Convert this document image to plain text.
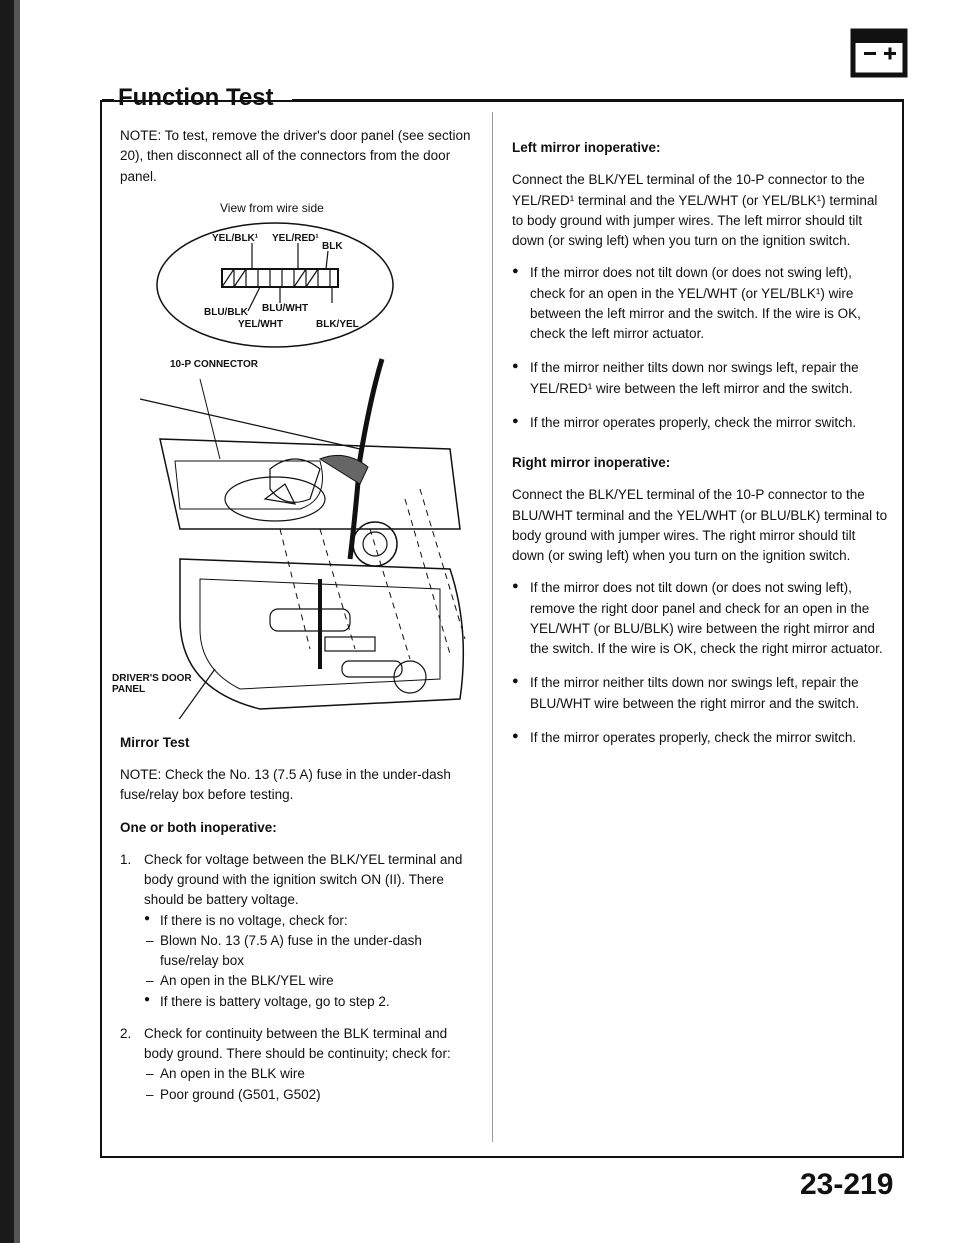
Function Test

NOTE: To test, remove the driver's door panel (see section 20), then disconnect all of the connectors from the door panel.

View from wire side
YEL/BLK¹ YEL/RED¹
BLK
BLU/BLK BLU/WHT
YEL/WHT	BLK/YEL
10-P CONNECTOR
DRIVER'S DOOR PANEL

Mirror Test

NOTE: Check the No. 13 (7.5 A) fuse in the under-dash fuse/relay box before testing.

One or both inoperative:

1. Check for voltage between the BLK/YEL terminal and body ground with the ignition switch ON (II). There should be battery voltage.
● If there is no voltage, check for:
– Blown No. 13 (7.5 A) fuse in the under-dash fuse/relay box
– An open in the BLK/YEL wire
● If there is battery voltage, go to step 2.
2. Check for continuity between the BLK terminal and body ground. There should be continuity; check for:
– An open in the BLK wire
– Poor ground (G501, G502)

Left mirror inoperative:

Connect the BLK/YEL terminal of the 10-P connector to the YEL/RED¹ terminal and the YEL/WHT (or YEL/BLK¹) terminal to body ground with jumper wires. The left mirror should tilt down (or swing left) when you turn on the ignition switch.

● If the mirror does not tilt down (or does not swing left), check for an open in the YEL/WHT (or YEL/BLK¹) wire between the left mirror and the switch. If the wire is OK, check the left mirror actuator.
● If the mirror neither tilts down nor swings left, repair the YEL/RED¹ wire between the left mirror and the switch.
● If the mirror operates properly, check the mirror switch.

Right mirror inoperative:

Connect the BLK/YEL terminal of the 10-P connector to the BLU/WHT terminal and the YEL/WHT (or BLU/BLK) terminal to body ground with jumper wires. The right mirror should tilt down (or swing left) when you turn on the ignition switch.

● If the mirror does not tilt down (or does not swing left), remove the right door panel and check for an open in the YEL/WHT (or BLU/BLK) wire between the right mirror and the switch. If the wire is OK, check the right mirror actuator.
● If the mirror neither tilts down nor swings left, repair the BLU/WHT wire between the right mirror and the switch.
● If the mirror operates properly, check the mirror switch.
23-219
